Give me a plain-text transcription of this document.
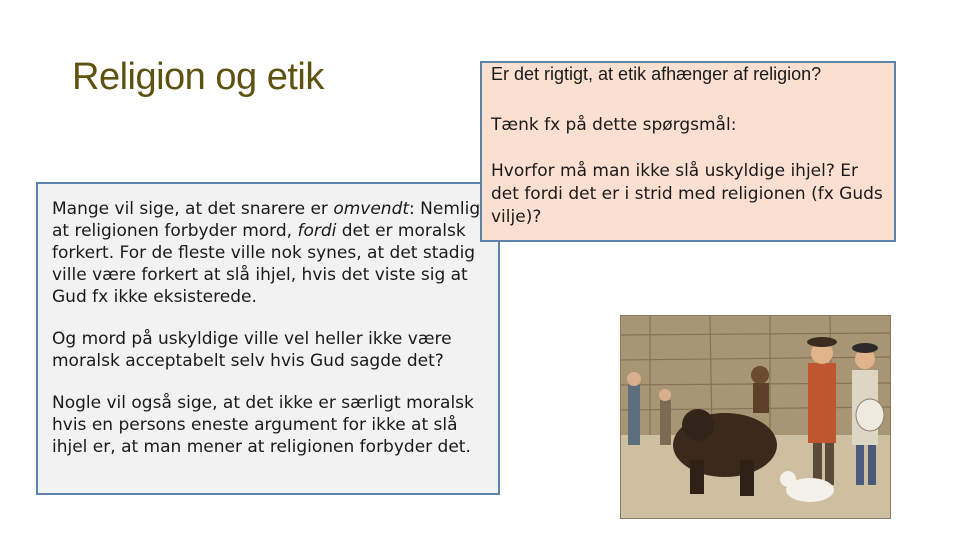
Religion og etik

Mange vil sige, at det snarere er omvendt: Nemlig at religionen forbyder mord, fordi det er moralsk forkert. For de fleste ville nok synes, at det stadig ville være forkert at slå ihjel, hvis det viste sig at Gud fx ikke eksisterede.

Og mord på uskyldige ville vel heller ikke være moralsk acceptabelt selv hvis Gud sagde det?

Nogle vil også sige, at det ikke er særligt moralsk hvis en persons eneste argument for ikke at slå ihjel er, at man mener at religionen forbyder det.

Er det rigtigt, at etik afhænger af religion?
Tænk fx på dette spørgsmål:
Hvorfor må man ikke slå uskyldige ihjel? Er det fordi det er i strid med religionen (fx Guds vilje)?
